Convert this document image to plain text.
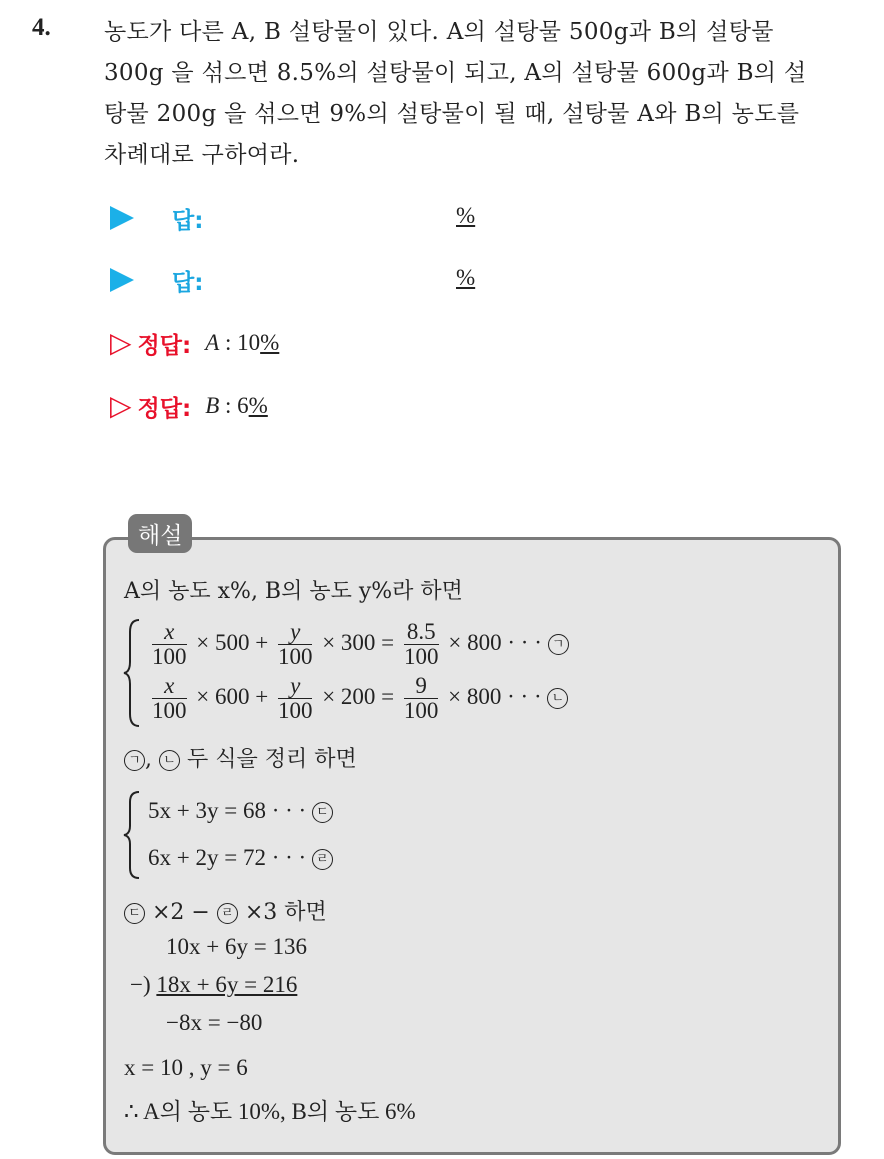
4. 농도가 다른 A, B 설탕물이 있다. A의 설탕물 500g과 B의 설탕물
300g 을 섞으면 8.5%의 설탕물이 되고, A의 설탕물 600g과 B의 설
탕물 200g 을 섞으면 9%의 설탕물이 될 때, 설탕물 A와 B의 농도를
차례대로 구하여라.
답:	%
답:	%
▷ 정답: A : 10%
▷ 정답: B : 6%
해설
A의 농도 x%, B의 농도 y%라 하면
$\frac{x}{100} \times 500 + \frac{y}{100} \times 300 = \frac{8.5}{100} \times 800$ · · · ㄱ
$\frac{x}{100} \times 600 + \frac{y}{100} \times 200 = \frac{9}{100} \times 800$ · · · ㄴ
ㄱ , ㄴ 두 식을 정리 하면
5x + 3y = 68 · · · ㄷ
6x + 2y = 72 · · · ㄹ
ㄷ ×2 − ㄹ ×3 하면
10x + 6y = 136
−) 18x + 6y = 216
−8x = −80
x = 10 , y = 6
∴ A의 농도 10%, B의 농도 6%
